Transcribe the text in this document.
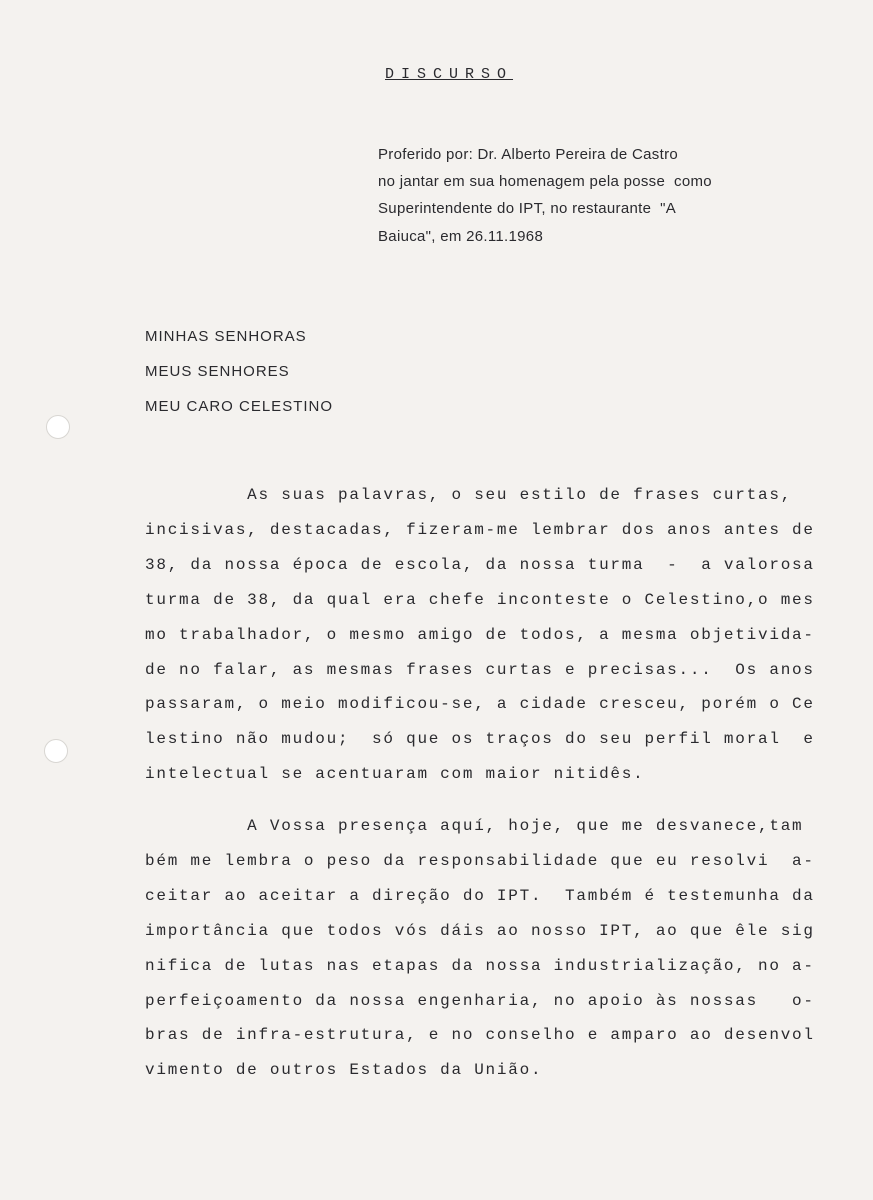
DISCURSO
Proferido por: Dr. Alberto Pereira de Castro
no jantar em sua homenagem pela posse  como
Superintendente do IPT, no restaurante  "A
Baiuca", em 26.11.1968
MINHAS SENHORAS
MEUS SENHORES
MEU CARO CELESTINO
As suas palavras, o seu estilo de frases curtas,
incisivas, destacadas, fizeram-me lembrar dos anos antes de
38, da nossa época de escola, da nossa turma  -  a valorosa
turma de 38, da qual era chefe inconteste o Celestino,o mes
mo trabalhador, o mesmo amigo de todos, a mesma objetivida-
de no falar, as mesmas frases curtas e precisas...  Os anos
passaram, o meio modificou-se, a cidade cresceu, porém o Ce
lestino não mudou;  só que os traços do seu perfil moral  e
intelectual se acentuaram com maior nitidês.
A Vossa presença aquí, hoje, que me desvanece,tam
bém me lembra o peso da responsabilidade que eu resolvi  a-
ceitar ao aceitar a direção do IPT.  Também é testemunha da
importância que todos vós dáis ao nosso IPT, ao que êle sig
nifica de lutas nas etapas da nossa industrialização, no a-
perfeiçoamento da nossa engenharia, no apoio às nossas   o-
bras de infra-estrutura, e no conselho e amparo ao desenvol
vimento de outros Estados da União.
